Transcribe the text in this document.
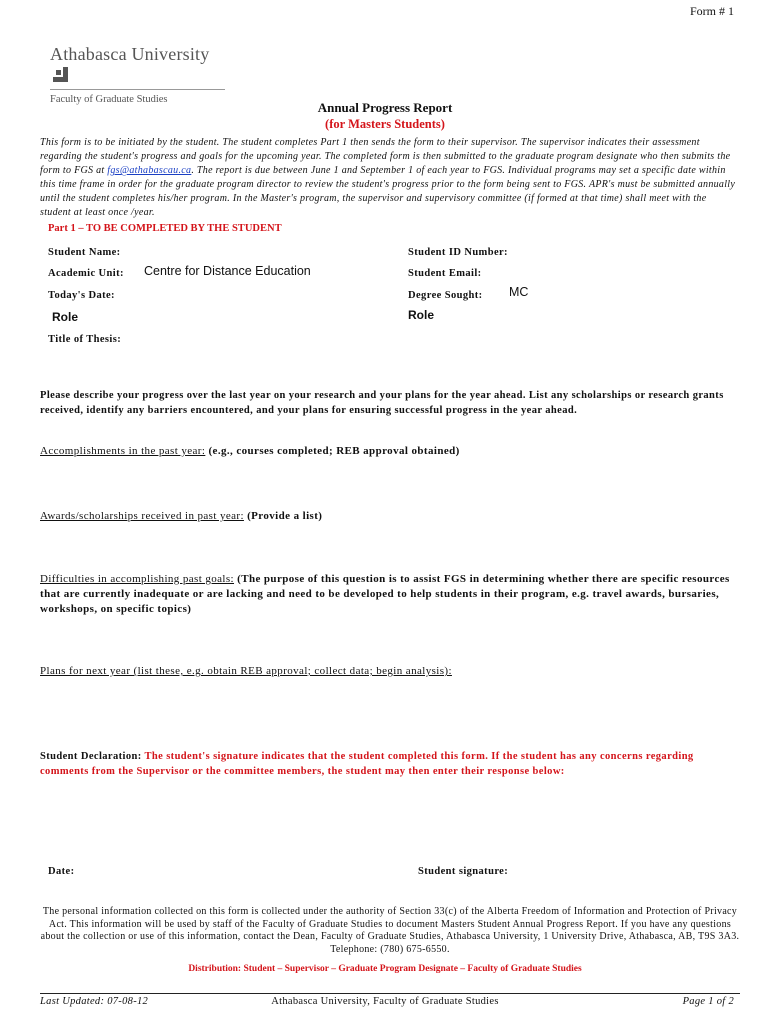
Form # 1
Athabasca University
Faculty of Graduate Studies
Annual Progress Report
(for Masters Students)
This form is to be initiated by the student. The student completes Part 1 then sends the form to their supervisor. The supervisor indicates their assessment regarding the student's progress and goals for the upcoming year. The completed form is then submitted to the graduate program designate who then submits the form to FGS at fgs@athabascau.ca. The report is due between June 1 and September 1 of each year to FGS. Individual programs may set a specific date within this time frame in order for the graduate program director to review the student's progress prior to the form being sent to FGS. APR's must be submitted annually until the student completes his/her program. In the Master's program, the supervisor and supervisory committee (if formed at that time) shall meet with the student at least once /year.
Part 1 – TO BE COMPLETED BY THE STUDENT
Student Name:	Student ID Number:
Academic Unit: Centre for Distance Education	Student Email:
Today's Date:	Degree Sought: MC
Role	Role
Title of Thesis:
Please describe your progress over the last year on your research and your plans for the year ahead. List any scholarships or research grants received, identify any barriers encountered, and your plans for ensuring successful progress in the year ahead.
Accomplishments in the past year: (e.g., courses completed; REB approval obtained)
Awards/scholarships received in past year: (Provide a list)
Difficulties in accomplishing past goals: (The purpose of this question is to assist FGS in determining whether there are specific resources that are currently inadequate or are lacking and need to be developed to help students in their program, e.g. travel awards, bursaries, workshops, on specific topics)
Plans for next year (list these, e.g. obtain REB approval; collect data; begin analysis):
Student Declaration: The student's signature indicates that the student completed this form. If the student has any concerns regarding comments from the Supervisor or the committee members, the student may then enter their response below:
Date:	Student signature:
The personal information collected on this form is collected under the authority of Section 33(c) of the Alberta Freedom of Information and Protection of Privacy Act. This information will be used by staff of the Faculty of Graduate Studies to document Masters Student Annual Progress Report. If you have any questions about the collection or use of this information, contact the Dean, Faculty of Graduate Studies, Athabasca University, 1 University Drive, Athabasca, AB, T9S 3A3. Telephone: (780) 675-6550.
Distribution: Student – Supervisor – Graduate Program Designate – Faculty of Graduate Studies
Last Updated: 07-08-12	Athabasca University, Faculty of Graduate Studies	Page 1 of 2
